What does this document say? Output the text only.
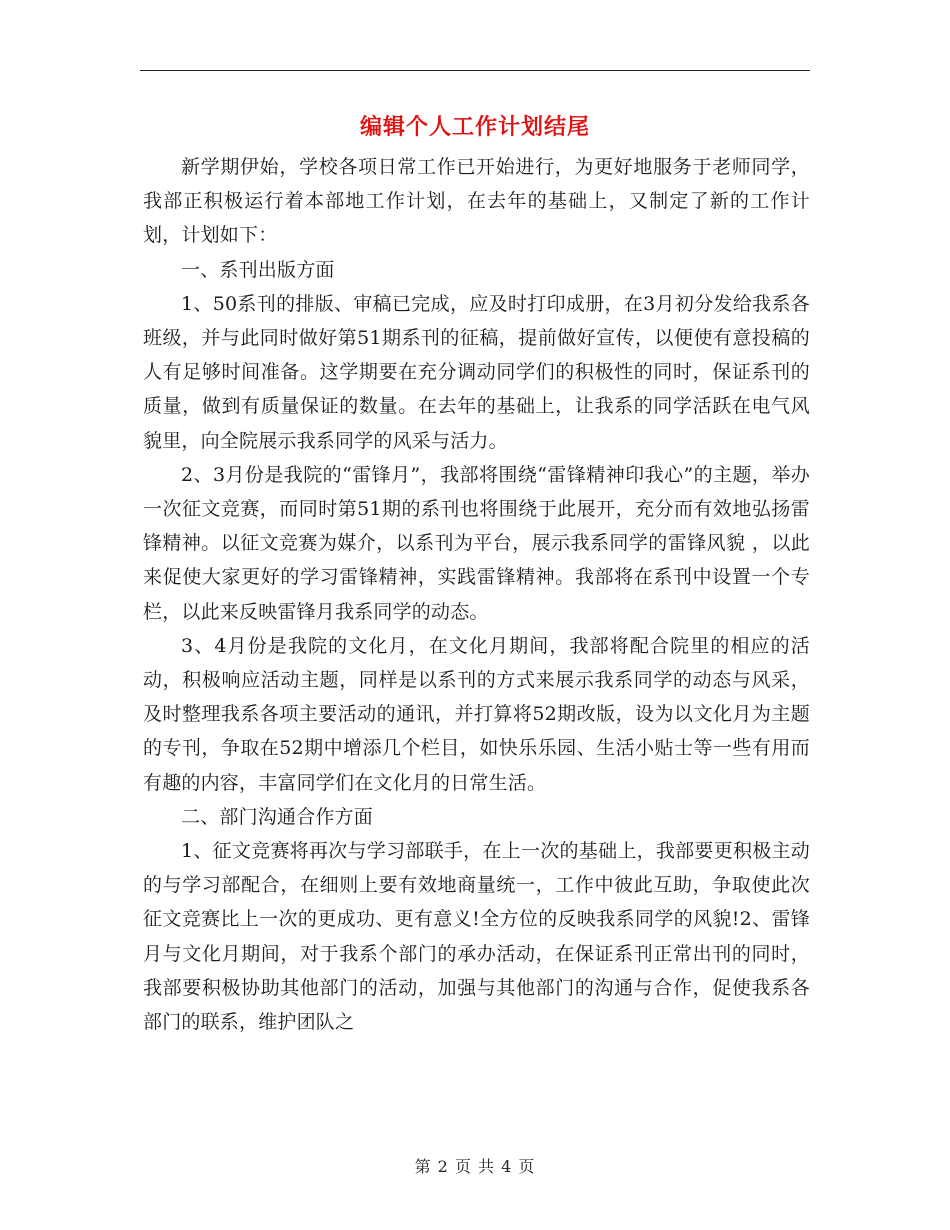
编辑个人工作计划结尾

新学期伊始，学校各项日常工作已开始进行，为更好地服务于老师同学，我部正积极运行着本部地工作计划，在去年的基础上，又制定了新的工作计划，计划如下：

一、系刊出版方面

1、50系刊的排版、审稿已完成，应及时打印成册，在3月初分发给我系各班级，并与此同时做好第51期系刊的征稿，提前做好宣传，以便使有意投稿的人有足够时间准备。这学期要在充分调动同学们的积极性的同时，保证系刊的质量，做到有质量保证的数量。在去年的基础上，让我系的同学活跃在电气风貌里，向全院展示我系同学的风采与活力。

2、3月份是我院的“雷锋月”，我部将围绕“雷锋精神印我心”的主题，举办一次征文竞赛，而同时第51期的系刊也将围绕于此展开，充分而有效地弘扬雷锋精神。以征文竞赛为媒介，以系刊为平台，展示我系同学的雷锋风貌 ，以此来促使大家更好的学习雷锋精神，实践雷锋精神。我部将在系刊中设置一个专栏，以此来反映雷锋月我系同学的动态。

3、4月份是我院的文化月，在文化月期间，我部将配合院里的相应的活动，积极响应活动主题，同样是以系刊的方式来展示我系同学的动态与风采，及时整理我系各项主要活动的通讯，并打算将52期改版，设为以文化月为主题的专刊，争取在52期中增添几个栏目，如快乐乐园、生活小贴士等一些有用而有趣的内容，丰富同学们在文化月的日常生活。

二、部门沟通合作方面

1、征文竞赛将再次与学习部联手，在上一次的基础上，我部要更积极主动的与学习部配合，在细则上要有效地商量统一，工作中彼此互助，争取使此次征文竞赛比上一次的更成功、更有意义!全方位的反映我系同学的风貌!2、雷锋月与文化月期间，对于我系个部门的承办活动，在保证系刊正常出刊的同时，我部要积极协助其他部门的活动，加强与其他部门的沟通与合作，促使我系各部门的联系，维护团队之

第 2 页 共 4 页
